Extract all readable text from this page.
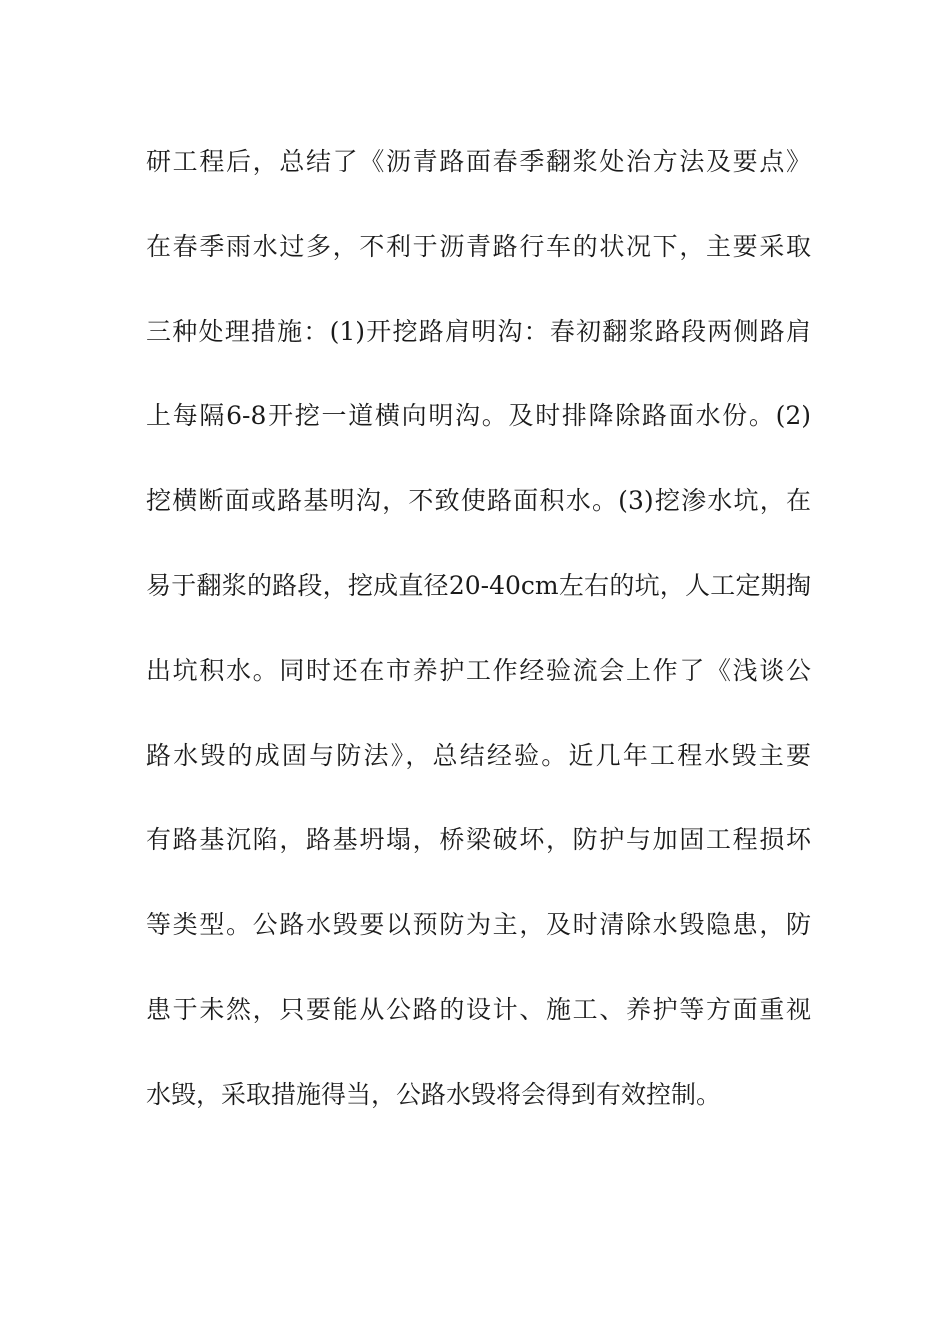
研工程后，总结了《沥青路面春季翻浆处治方法及要点》
在春季雨水过多，不利于沥青路行车的状况下，主要采取
三种处理措施：(1)开挖路肩明沟：春初翻浆路段两侧路肩
上每隔6-8开挖一道横向明沟。及时排降除路面水份。(2)
挖横断面或路基明沟，不致使路面积水。(3)挖渗水坑，在
易于翻浆的路段，挖成直径20-40cm左右的坑，人工定期掏
出坑积水。同时还在市养护工作经验流会上作了《浅谈公
路水毁的成固与防法》，总结经验。近几年工程水毁主要
有路基沉陷，路基坍塌，桥梁破坏，防护与加固工程损坏
等类型。公路水毁要以预防为主，及时清除水毁隐患，防
患于未然，只要能从公路的设计、施工、养护等方面重视
水毁，采取措施得当，公路水毁将会得到有效控制。
